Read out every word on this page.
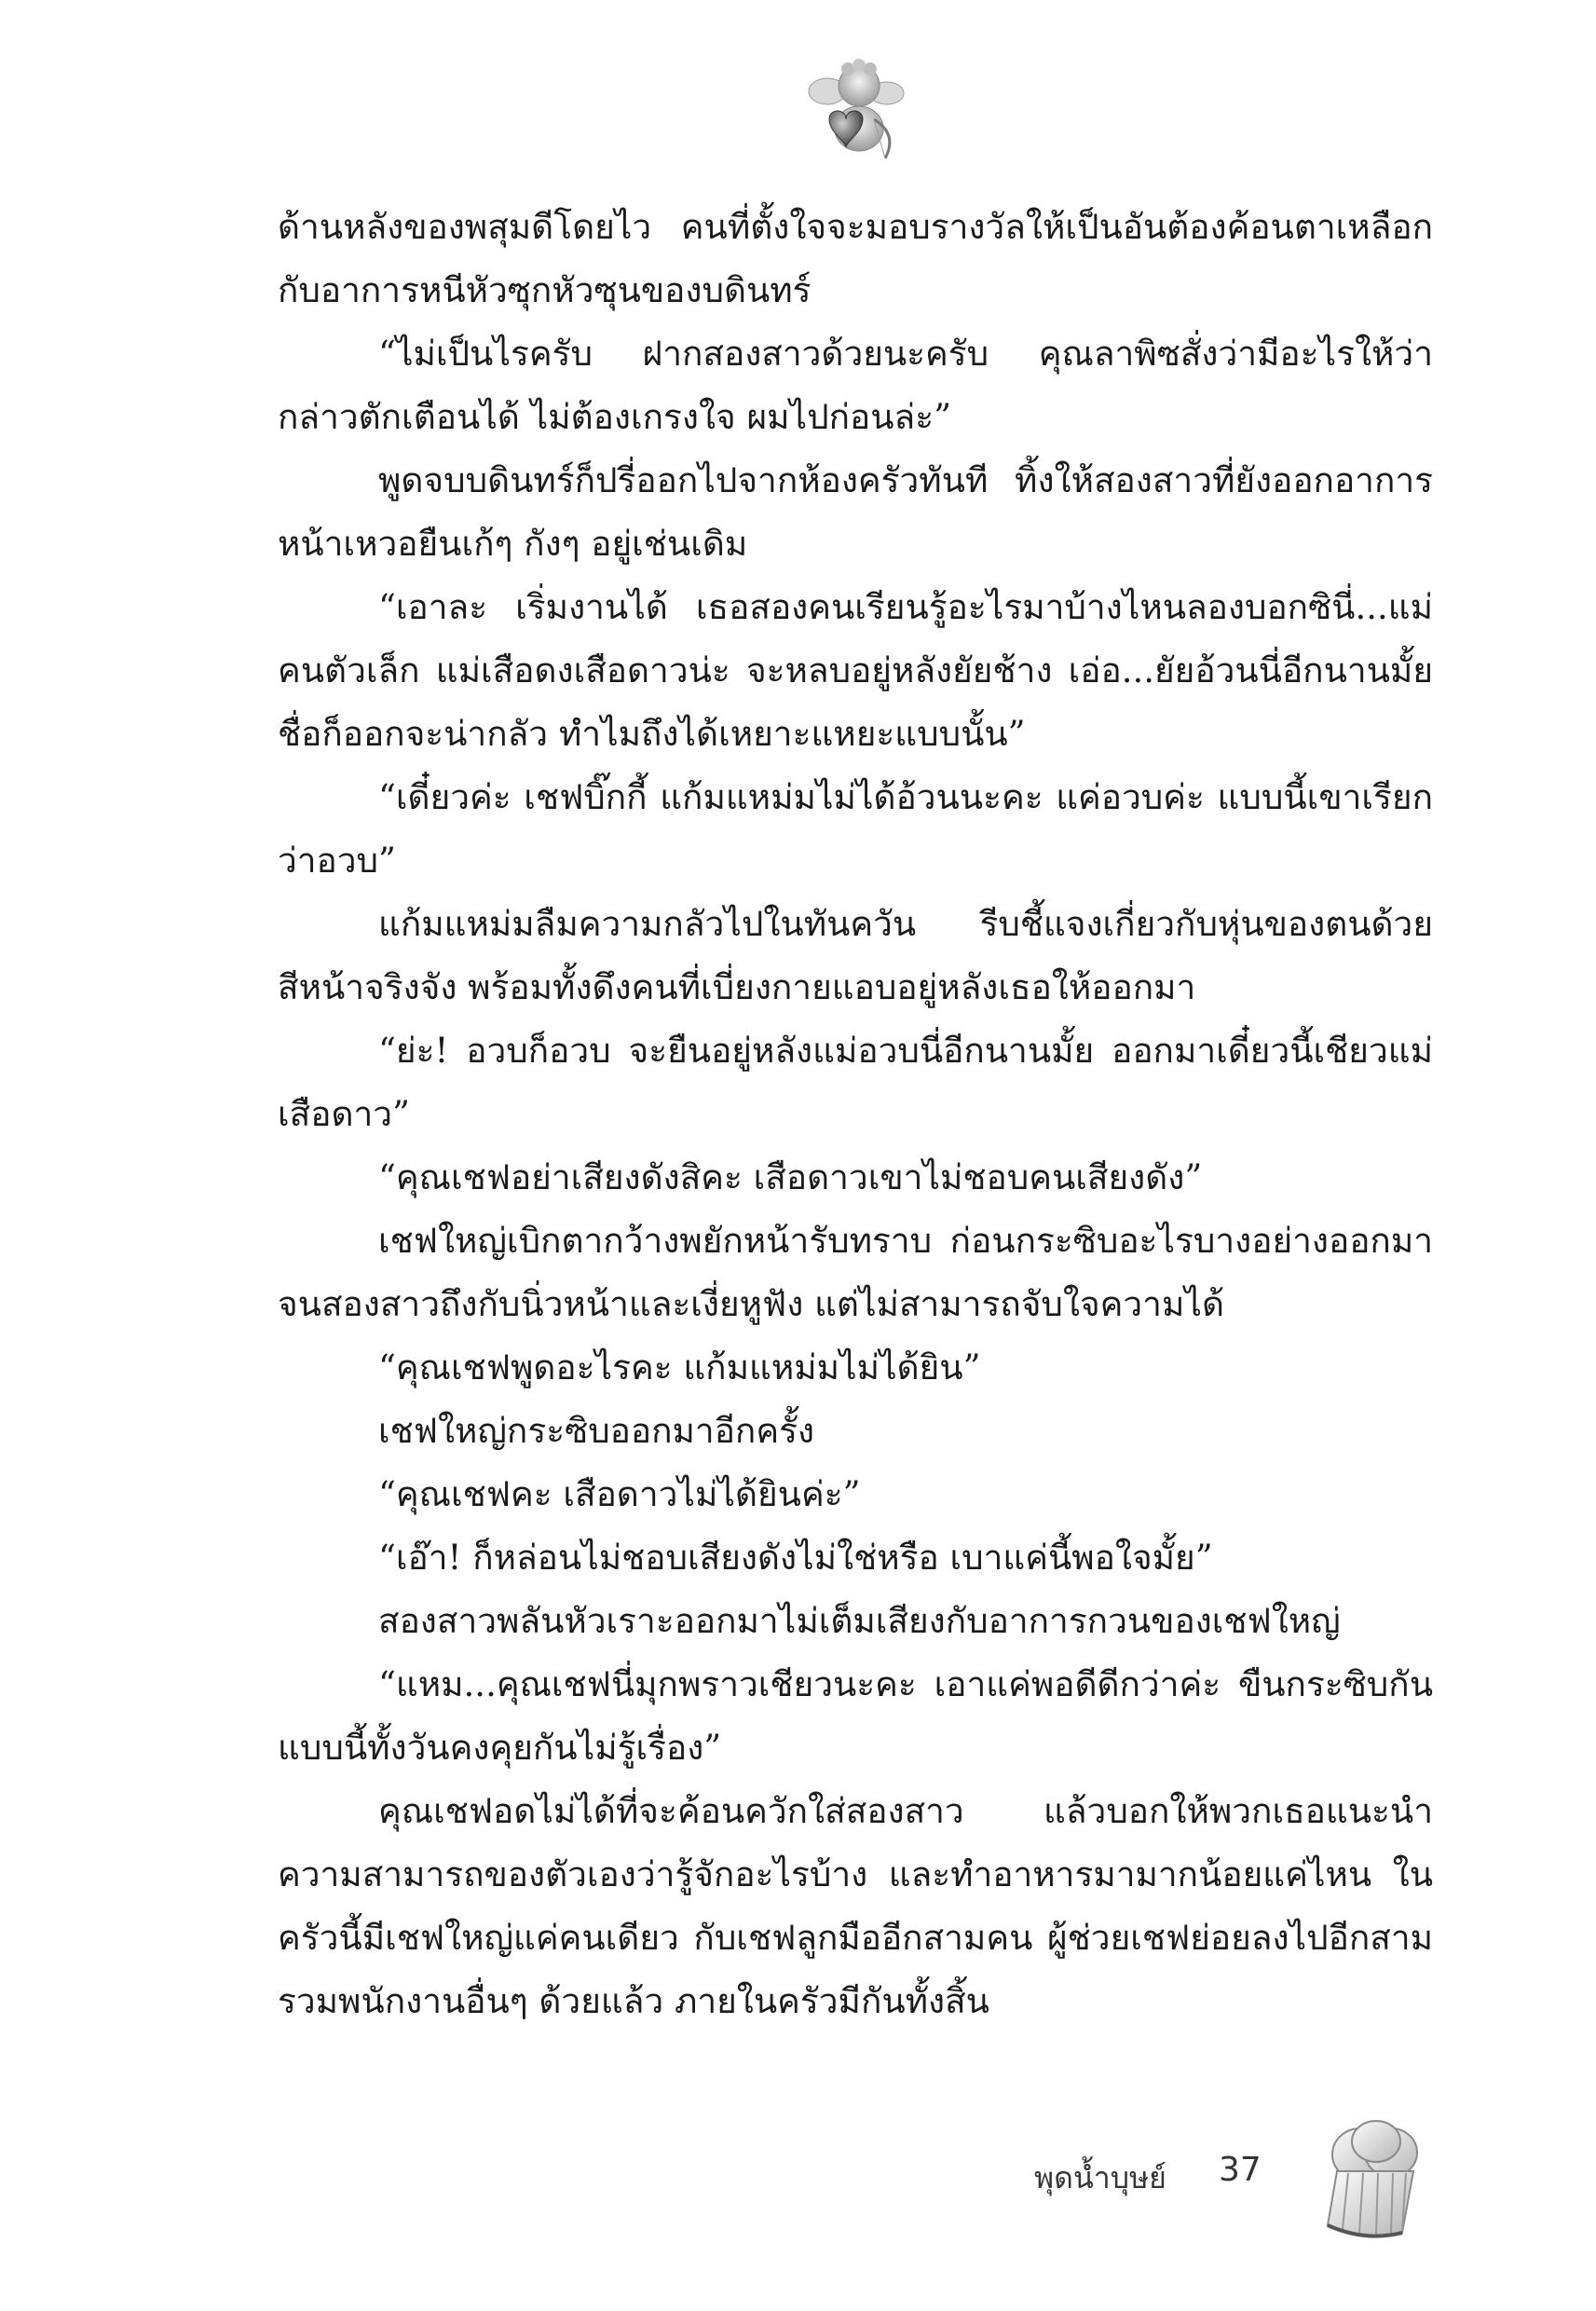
ด้านหลังของพสุมดีโดยไว คนที่ตั้งใจจะมอบรางวัลให้เป็นอันต้องค้อนตาเหลือกกับอาการหนีหัวซุกหัวซุนของบดินทร์

“ไม่เป็นไรครับ ฝากสองสาวด้วยนะครับ คุณลาพิซสั่งว่ามีอะไรให้ว่ากล่าวตักเตือนได้ ไม่ต้องเกรงใจ ผมไปก่อนล่ะ”

พูดจบบดินทร์ก็ปรี่ออกไปจากห้องครัวทันที ทิ้งให้สองสาวที่ยังออกอาการหน้าเหวอยืนเก้ๆ กังๆ อยู่เช่นเดิม

“เอาละ เริ่มงานได้ เธอสองคนเรียนรู้อะไรมาบ้างไหนลองบอกซินี่...แม่คนตัวเล็ก แม่เสือดงเสือดาวน่ะ จะหลบอยู่หลังยัยช้าง เอ่อ...ยัยอ้วนนี่อีกนานมั้ย ชื่อก็ออกจะน่ากลัว ทำไมถึงได้เหยาะแหยะแบบนั้น”

“เดี๋ยวค่ะ เชฟบิ๊กกี้ แก้มแหม่มไม่ได้อ้วนนะคะ แค่อวบค่ะ แบบนี้เขาเรียกว่าอวบ”

แก้มแหม่มลืมความกลัวไปในทันควัน รีบชี้แจงเกี่ยวกับหุ่นของตนด้วยสีหน้าจริงจัง พร้อมทั้งดึงคนที่เบี่ยงกายแอบอยู่หลังเธอให้ออกมา

“ย่ะ! อวบก็อวบ จะยืนอยู่หลังแม่อวบนี่อีกนานมั้ย ออกมาเดี๋ยวนี้เชียวแม่เสือดาว”

“คุณเชฟอย่าเสียงดังสิคะ เสือดาวเขาไม่ชอบคนเสียงดัง”

เชฟใหญ่เบิกตากว้างพยักหน้ารับทราบ ก่อนกระซิบอะไรบางอย่างออกมาจนสองสาวถึงกับนิ่วหน้าและเงี่ยหูฟัง แต่ไม่สามารถจับใจความได้

“คุณเชฟพูดอะไรคะ แก้มแหม่มไม่ได้ยิน”

เชฟใหญ่กระซิบออกมาอีกครั้ง

“คุณเชฟคะ เสือดาวไม่ได้ยินค่ะ”

“เอ๊า! ก็หล่อนไม่ชอบเสียงดังไม่ใช่หรือ เบาแค่นี้พอใจมั้ย”

สองสาวพลันหัวเราะออกมาไม่เต็มเสียงกับอาการกวนของเชฟใหญ่

“แหม...คุณเชฟนี่มุกพราวเชียวนะคะ เอาแค่พอดีดีกว่าค่ะ ขืนกระซิบกันแบบนี้ทั้งวันคงคุยกันไม่รู้เรื่อง”

คุณเชฟอดไม่ได้ที่จะค้อนควักใส่สองสาว แล้วบอกให้พวกเธอแนะนำความสามารถของตัวเองว่ารู้จักอะไรบ้าง และทำอาหารมามากน้อยแค่ไหน ในครัวนี้มีเชฟใหญ่แค่คนเดียว กับเชฟลูกมืออีกสามคน ผู้ช่วยเชฟย่อยลงไปอีกสาม รวมพนักงานอื่นๆ ด้วยแล้ว ภายในครัวมีกันทั้งสิ้น

พุดน้ำบุษย์ 37
